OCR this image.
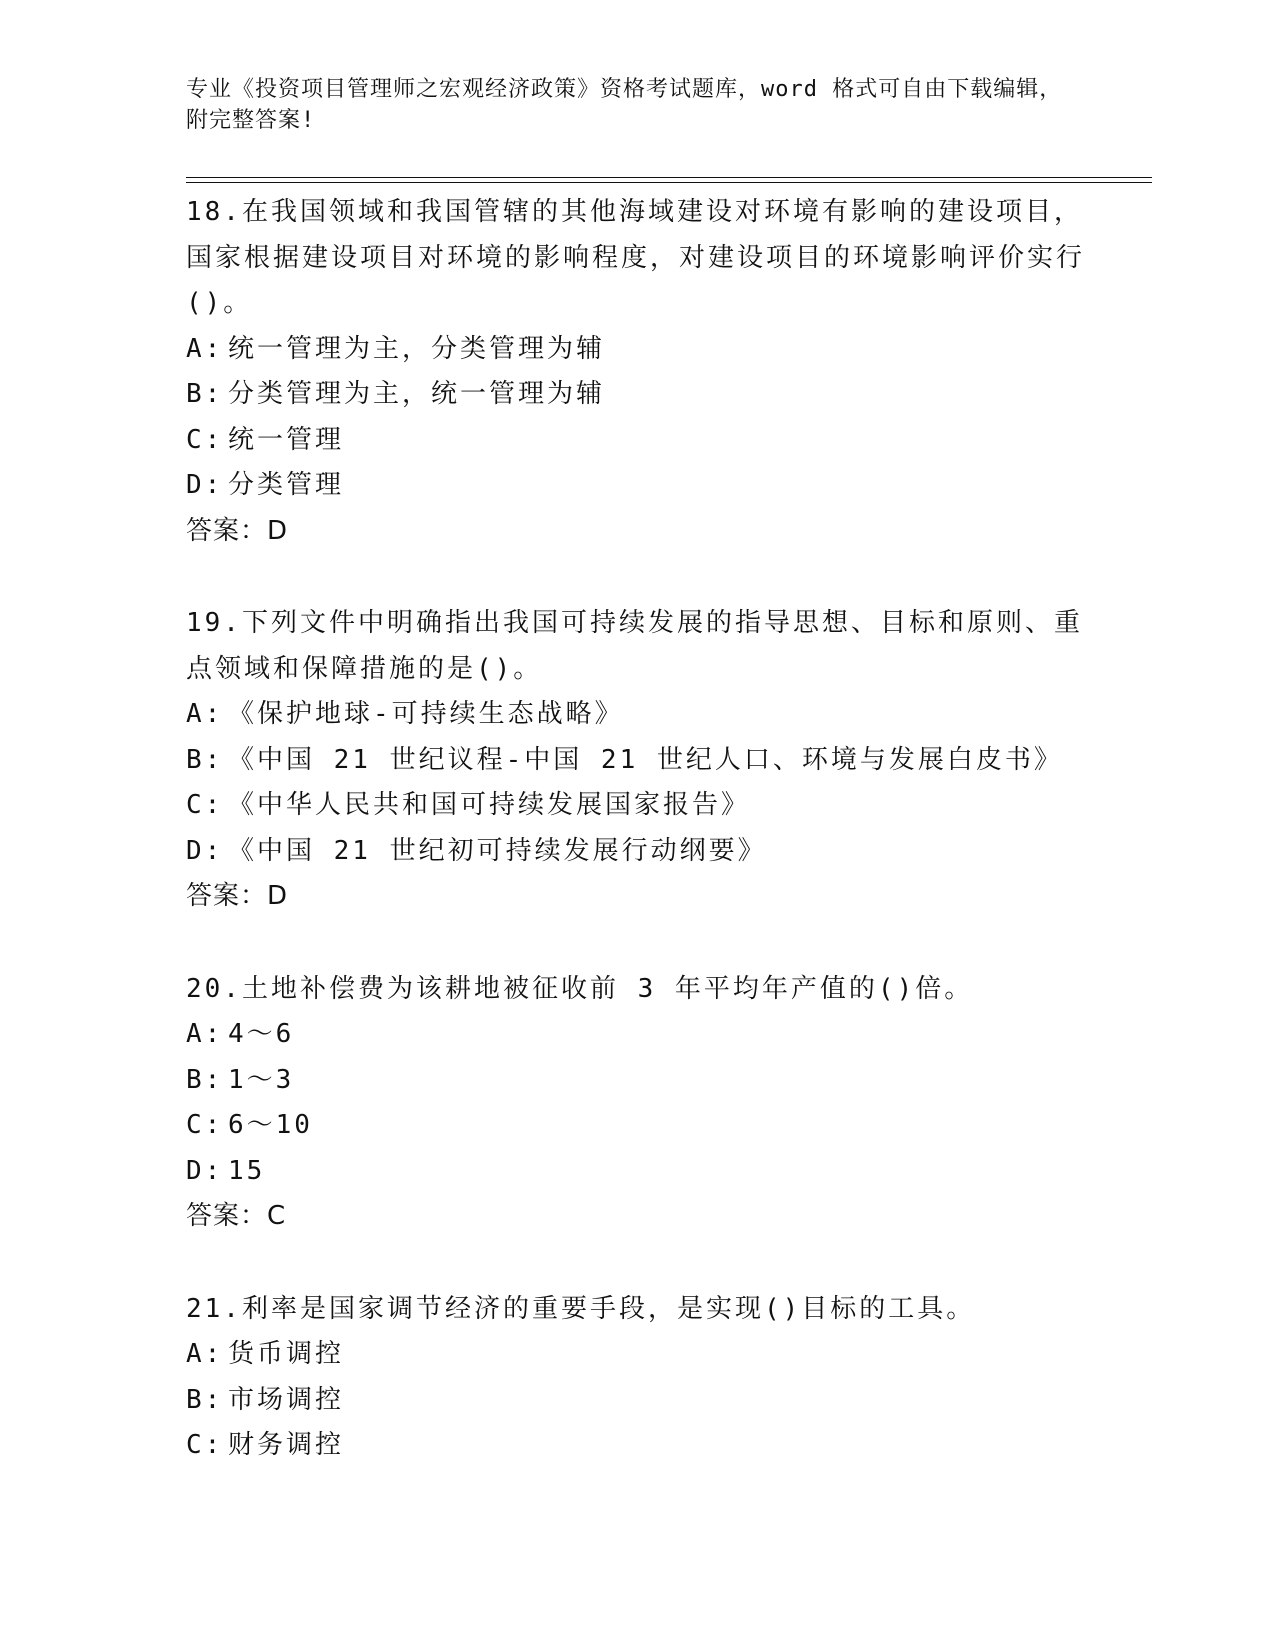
专业《投资项目管理师之宏观经济政策》资格考试题库，word 格式可自由下载编辑，附完整答案!
18.在我国领域和我国管辖的其他海域建设对环境有影响的建设项目，国家根据建设项目对环境的影响程度，对建设项目的环境影响评价实行()。
A: 统一管理为主，分类管理为辅
B: 分类管理为主，统一管理为辅
C: 统一管理
D: 分类管理
答案：D
19.下列文件中明确指出我国可持续发展的指导思想、目标和原则、重点领域和保障措施的是()。
A: 《保护地球-可持续生态战略》
B: 《中国 21 世纪议程-中国 21 世纪人口、环境与发展白皮书》
C: 《中华人民共和国可持续发展国家报告》
D: 《中国 21 世纪初可持续发展行动纲要》
答案：D
20.土地补偿费为该耕地被征收前 3 年平均年产值的()倍。
A: 4～6
B: 1～3
C: 6～10
D: 15
答案：C
21.利率是国家调节经济的重要手段，是实现()目标的工具。
A: 货币调控
B: 市场调控
C: 财务调控
